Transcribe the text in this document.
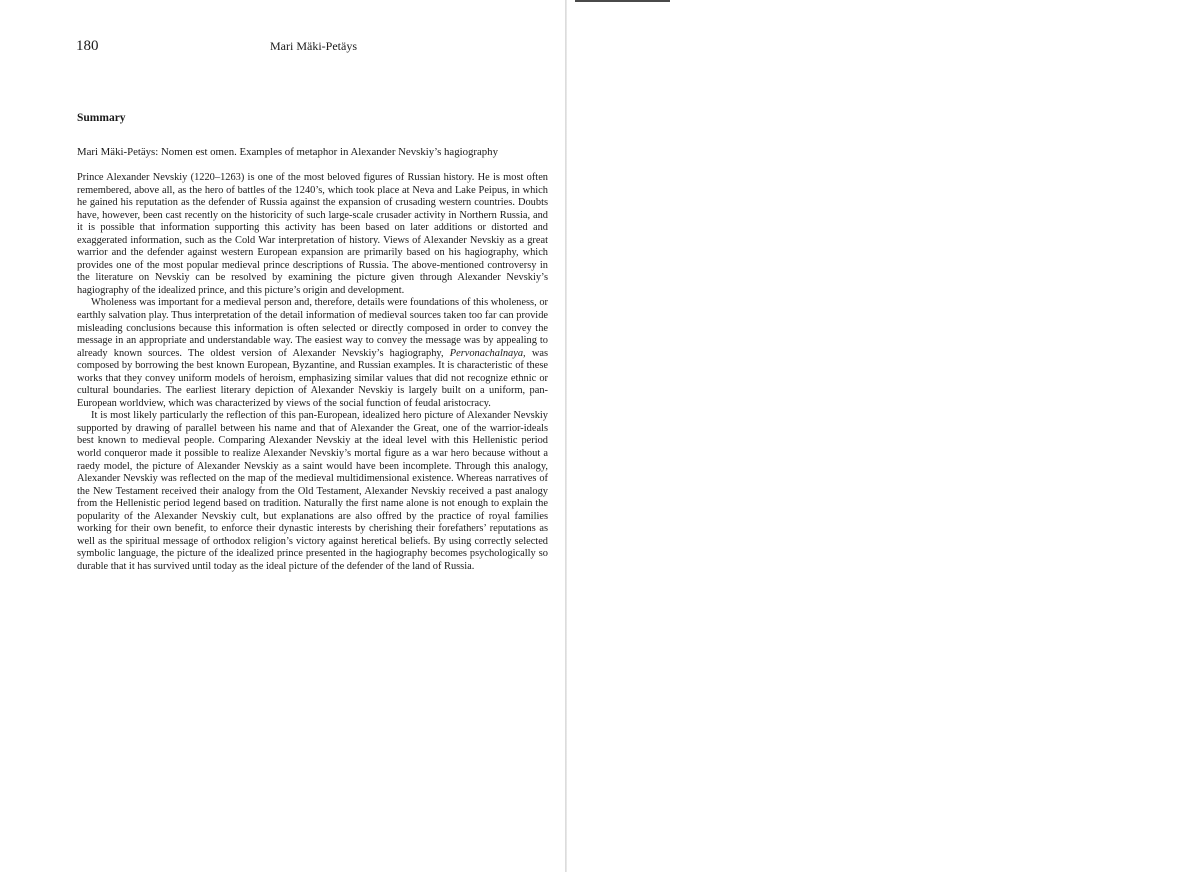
180	Mari Mäki-Petäys
Summary
Mari Mäki-Petäys: Nomen est omen. Examples of metaphor in Alexander Nevskiy’s hagiography

Prince Alexander Nevskiy (1220–1263) is one of the most beloved figures of Russian history. He is most often remembered, above all, as the hero of battles of the 1240’s, which took place at Neva and Lake Peipus, in which he gained his reputation as the defender of Russia against the expansion of crusading western countries. Doubts have, however, been cast recently on the historicity of such large-scale crusader activity in Northern Russia, and it is possible that information supporting this activity has been based on later additions or distorted and exaggerated information, such as the Cold War interpretation of history. Views of Alexander Nevskiy as a great warrior and the defender against western European expansion are primarily based on his hagiography, which provides one of the most popular medieval prince descriptions of Russia. The above-mentioned controversy in the literature on Nevskiy can be resolved by examining the picture given through Alexander Nevskiy’s hagiography of the idealized prince, and this picture’s origin and development.

Wholeness was important for a medieval person and, therefore, details were foundations of this wholeness, or earthly salvation play. Thus interpretation of the detail information of medieval sources taken too far can provide misleading conclusions because this information is often selected or directly composed in order to convey the message in an appropriate and understandable way. The easiest way to convey the message was by appealing to already known sources. The oldest version of Alexander Nevskiy’s hagiography, Pervonachalnaya, was composed by borrowing the best known European, Byzantine, and Russian examples. It is characteristic of these works that they convey uniform models of heroism, emphasizing similar values that did not recognize ethnic or cultural boundaries. The earliest literary depiction of Alexander Nevskiy is largely built on a uniform, pan-European worldview, which was characterized by views of the social function of feudal aristocracy.

It is most likely particularly the reflection of this pan-European, idealized hero picture of Alexander Nevskiy supported by drawing of parallel between his name and that of Alexander the Great, one of the warrior-ideals best known to medieval people. Comparing Alexander Nevskiy at the ideal level with this Hellenistic period world conqueror made it possible to realize Alexander Nevskiy’s mortal figure as a war hero because without a raedy model, the picture of Alexander Nevskiy as a saint would have been incomplete. Through this analogy, Alexander Nevskiy was reflected on the map of the medieval multidimensional existence. Whereas narratives of the New Testament received their analogy from the Old Testament, Alexander Nevskiy received a past analogy from the Hellenistic period legend based on tradition. Naturally the first name alone is not enough to explain the popularity of the Alexander Nevskiy cult, but explanations are also offred by the practice of royal families working for their own benefit, to enforce their dynastic interests by cherishing their forefathers’ reputations as well as the spiritual message of orthodox religion’s victory against heretical beliefs. By using correctly selected symbolic language, the picture of the idealized prince presented in the hagiography becomes psychologically so durable that it has survived until today as the ideal picture of the defender of the land of Russia.
